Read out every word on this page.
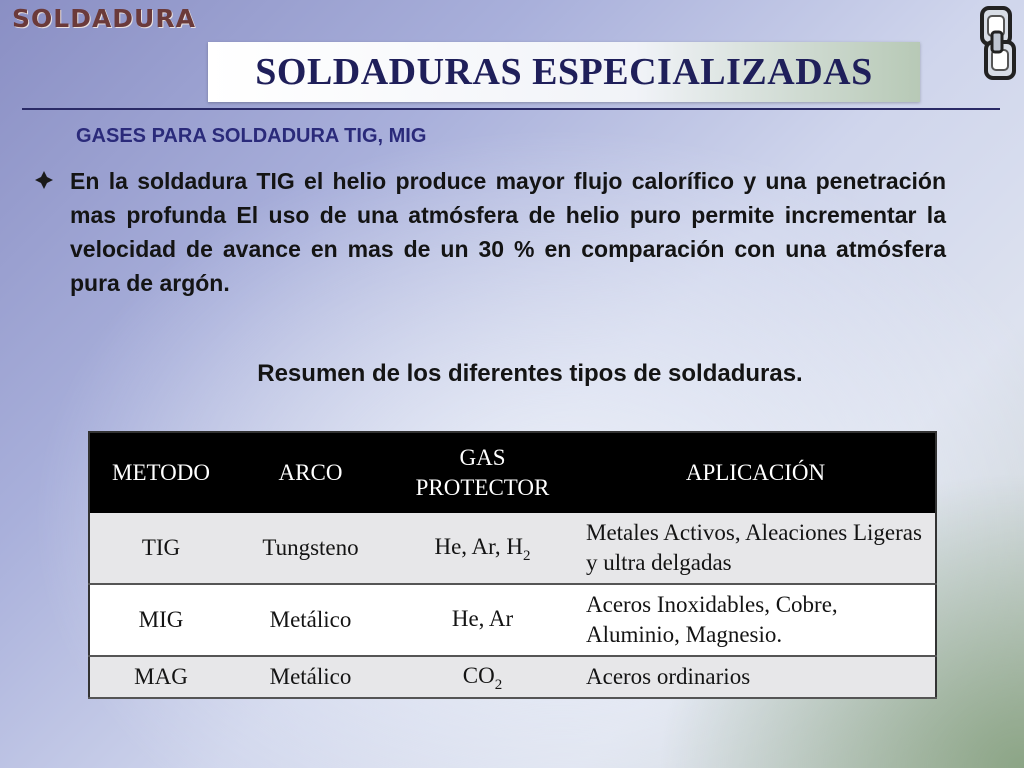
SOLDADURA
SOLDADURAS ESPECIALIZADAS
GASES PARA SOLDADURA TIG, MIG
En la soldadura TIG el helio produce mayor flujo calorífico y una penetración mas profunda El uso de una atmósfera de helio puro permite incrementar la velocidad de avance en mas de un 30 % en comparación con una atmósfera pura de argón.
Resumen de los diferentes tipos de soldaduras.
METODO	ARCO	GAS PROTECTOR	APLICACIÓN
TIG	Tungsteno	He, Ar, $H_2$	Metales Activos, Aleaciones Ligeras y ultra delgadas
MIG	Metálico	He, Ar	Aceros Inoxidables, Cobre, Aluminio, Magnesio.
MAG	Metálico	$CO_2$	Aceros ordinarios
